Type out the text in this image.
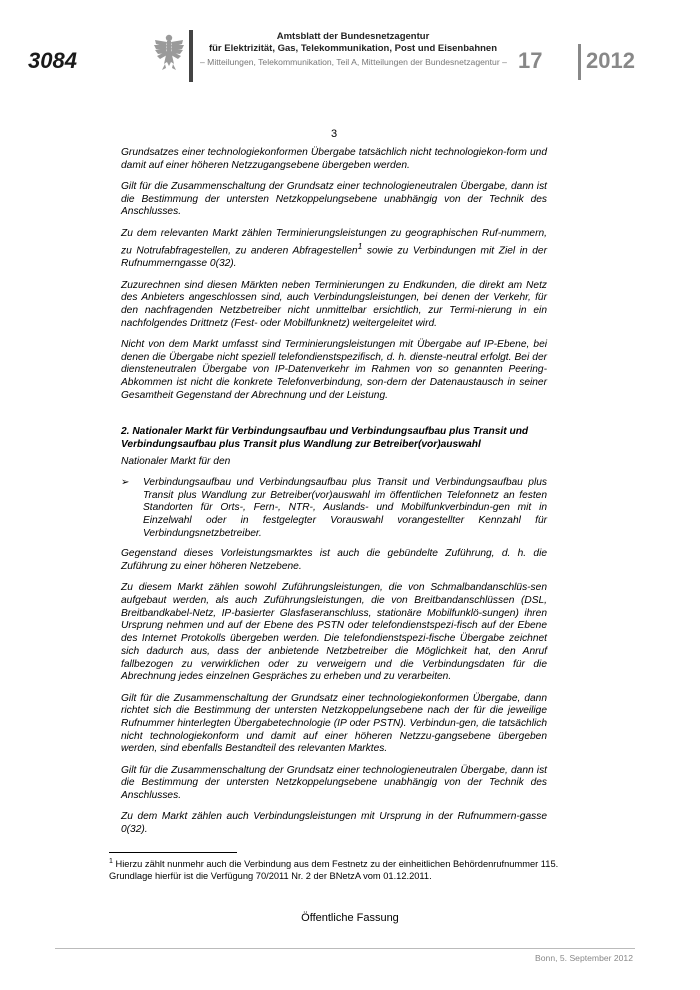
3084
Amtsblatt der Bundesnetzagentur
für Elektrizität, Gas, Telekommunikation, Post und Eisenbahnen
– Mitteilungen, Telekommunikation, Teil A, Mitteilungen der Bundesnetzagentur – 17 2012
3

Grundsatzes einer technologiekonformen Übergabe tatsächlich nicht technologiekon-form und damit auf einer höheren Netzzugangsebene übergeben werden.

Gilt für die Zusammenschaltung der Grundsatz einer technologieneutralen Übergabe, dann ist die Bestimmung der untersten Netzkoppelungsebene unabhängig von der Technik des Anschlusses.

Zu dem relevanten Markt zählen Terminierungsleistungen zu geographischen Ruf-nummern, zu Notrufabfragestellen, zu anderen Abfragestellen$^1$ sowie zu Verbindungen mit Ziel in der Rufnummerngasse 0(32).

Zuzurechnen sind diesen Märkten neben Terminierungen zu Endkunden, die direkt am Netz des Anbieters angeschlossen sind, auch Verbindungsleistungen, bei denen der Verkehr, für den nachfragenden Netzbetreiber nicht unmittelbar ersichtlich, zur Termi-nierung in ein nachfolgendes Drittnetz (Fest- oder Mobilfunknetz) weitergeleitet wird.

Nicht von dem Markt umfasst sind Terminierungsleistungen mit Übergabe auf IP-Ebene, bei denen die Übergabe nicht speziell telefondienstspezifisch, d. h. dienste-neutral erfolgt. Bei der diensteneutralen Übergabe von IP-Datenverkehr im Rahmen von so genannten Peering-Abkommen ist nicht die konkrete Telefonverbindung, son-dern der Datenaustausch in seiner Gesamtheit Gegenstand der Abrechnung und der Leistung.

2. Nationaler Markt für Verbindungsaufbau und Verbindungsaufbau plus Transit und Verbindungsaufbau plus Transit plus Wandlung zur Betreiber(vor)auswahl

Nationaler Markt für den

➢	Verbindungsaufbau und Verbindungsaufbau plus Transit und Verbindungsaufbau plus Transit plus Wandlung zur Betreiber(vor)auswahl im öffentlichen Telefonnetz an festen Standorten für Orts-, Fern-, NTR-, Auslands- und Mobilfunkverbindun-gen mit in Einzelwahl oder in festgelegter Vorauswahl vorangestellter Kennzahl für Verbindungsnetzbetreiber.

Gegenstand dieses Vorleistungsmarktes ist auch die gebündelte Zuführung, d. h. die Zuführung zu einer höheren Netzebene.

Zu diesem Markt zählen sowohl Zuführungsleistungen, die von Schmalbandanschlüs-sen aufgebaut werden, als auch Zuführungsleistungen, die von Breitbandanschlüssen (DSL, Breitbandkabel-Netz, IP-basierter Glasfaseranschluss, stationäre Mobilfunklö-sungen) ihren Ursprung nehmen und auf der Ebene des PSTN oder telefondienstspezi-fisch auf der Ebene des Internet Protokolls übergeben werden. Die telefondienstspezi-fische Übergabe zeichnet sich dadurch aus, dass der anbietende Netzbetreiber die Möglichkeit hat, den Anruf fallbezogen zu verwirklichen oder zu verweigern und die Verbindungsdaten für die Abrechnung jedes einzelnen Gespräches zu erheben und zu verarbeiten.

Gilt für die Zusammenschaltung der Grundsatz einer technologiekonformen Übergabe, dann richtet sich die Bestimmung der untersten Netzkoppelungsebene nach der für die jeweilige Rufnummer hinterlegten Übergabetechnologie (IP oder PSTN). Verbindun-gen, die tatsächlich nicht technologiekonform und damit auf einer höheren Netzzu-gangsebene übergeben werden, sind ebenfalls Bestandteil des relevanten Marktes.

Gilt für die Zusammenschaltung der Grundsatz einer technologieneutralen Übergabe, dann ist die Bestimmung der untersten Netzkoppelungsebene unabhängig von der Technik des Anschlusses.

Zu dem Markt zählen auch Verbindungsleistungen mit Ursprung in der Rufnummern-gasse 0(32).

$^1$ Hierzu zählt nunmehr auch die Verbindung aus dem Festnetz zu der einheitlichen Behördenrufnummer 115. Grundlage hierfür ist die Verfügung 70/2011 Nr. 2 der BNetzA vom 01.12.2011.
Öffentliche Fassung
Bonn, 5. September 2012
